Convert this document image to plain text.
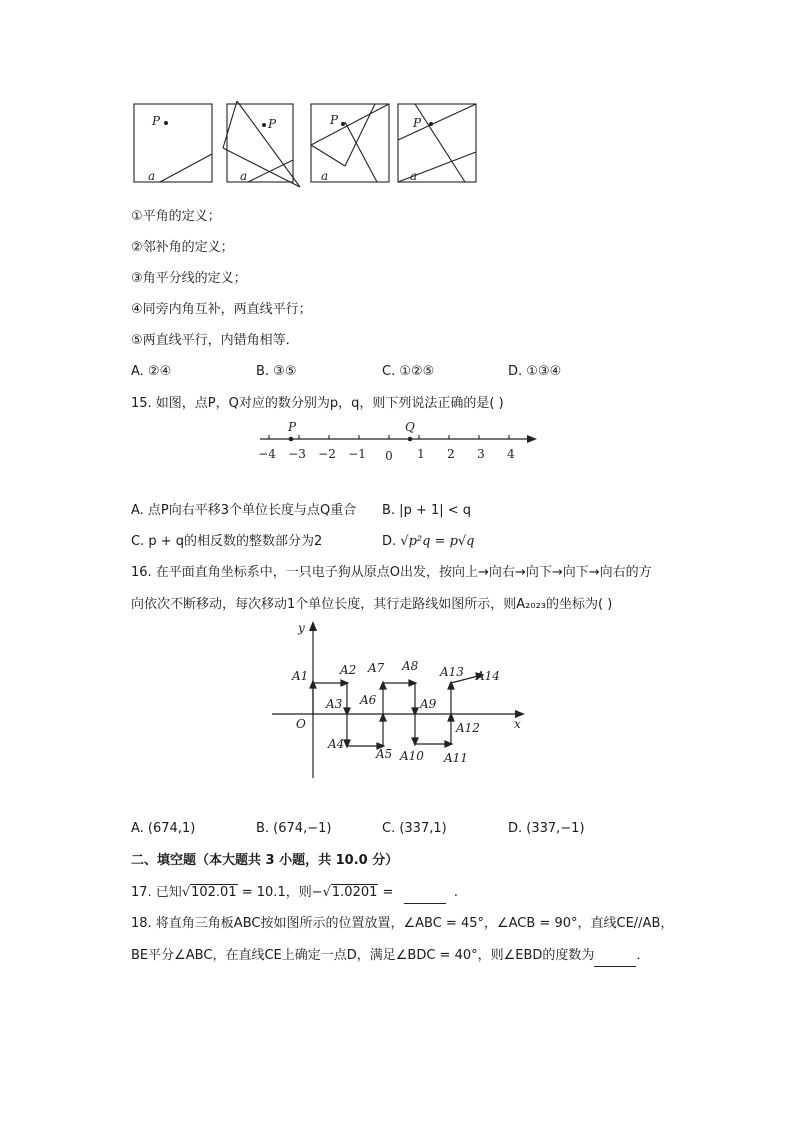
P
a
P
a
P
a
P
a
①平角的定义；
②邻补角的定义；
③角平分线的定义；
④同旁内角互补，两直线平行；
⑤两直线平行，内错角相等．
A. ②④	B. ③⑤	C. ①②⑤	D. ①③④
15. 如图，点P，Q对应的数分别为p，q，则下列说法正确的是( )
P	Q
−4 −3 −2 −1 0 1 2 3 4
A. 点P向右平移3个单位长度与点Q重合 B. |p + 1| < q
C. p + q的相反数的整数部分为2	D. √p²q = p√q
16. 在平面直角坐标系中，一只电子狗从原点O出发，按向上→向右→向下→向下→向右的方
向依次不断移动，每次移动1个单位长度，其行走路线如图所示，则A₂₀₂₃的坐标为( )
y
x
O
A1	A2
A3
A4
A5
A6
A7 A8
A9
A10 A11
A12
A13 A14
A. (674,1)	B. (674,−1)	C. (337,1)	D. (337,−1)
二、填空题（本大题共 3 小题，共 10.0 分）
17. 已知√102.01 = 10.1，则−√1.0201 =	.
18. 将直角三角板ABC按如图所示的位置放置，∠ABC = 45°，∠ACB = 90°，直线CE//AB，
BE平分∠ABC，在直线CE上确定一点D，满足∠BDC = 40°，则∠EBD的度数为	．
